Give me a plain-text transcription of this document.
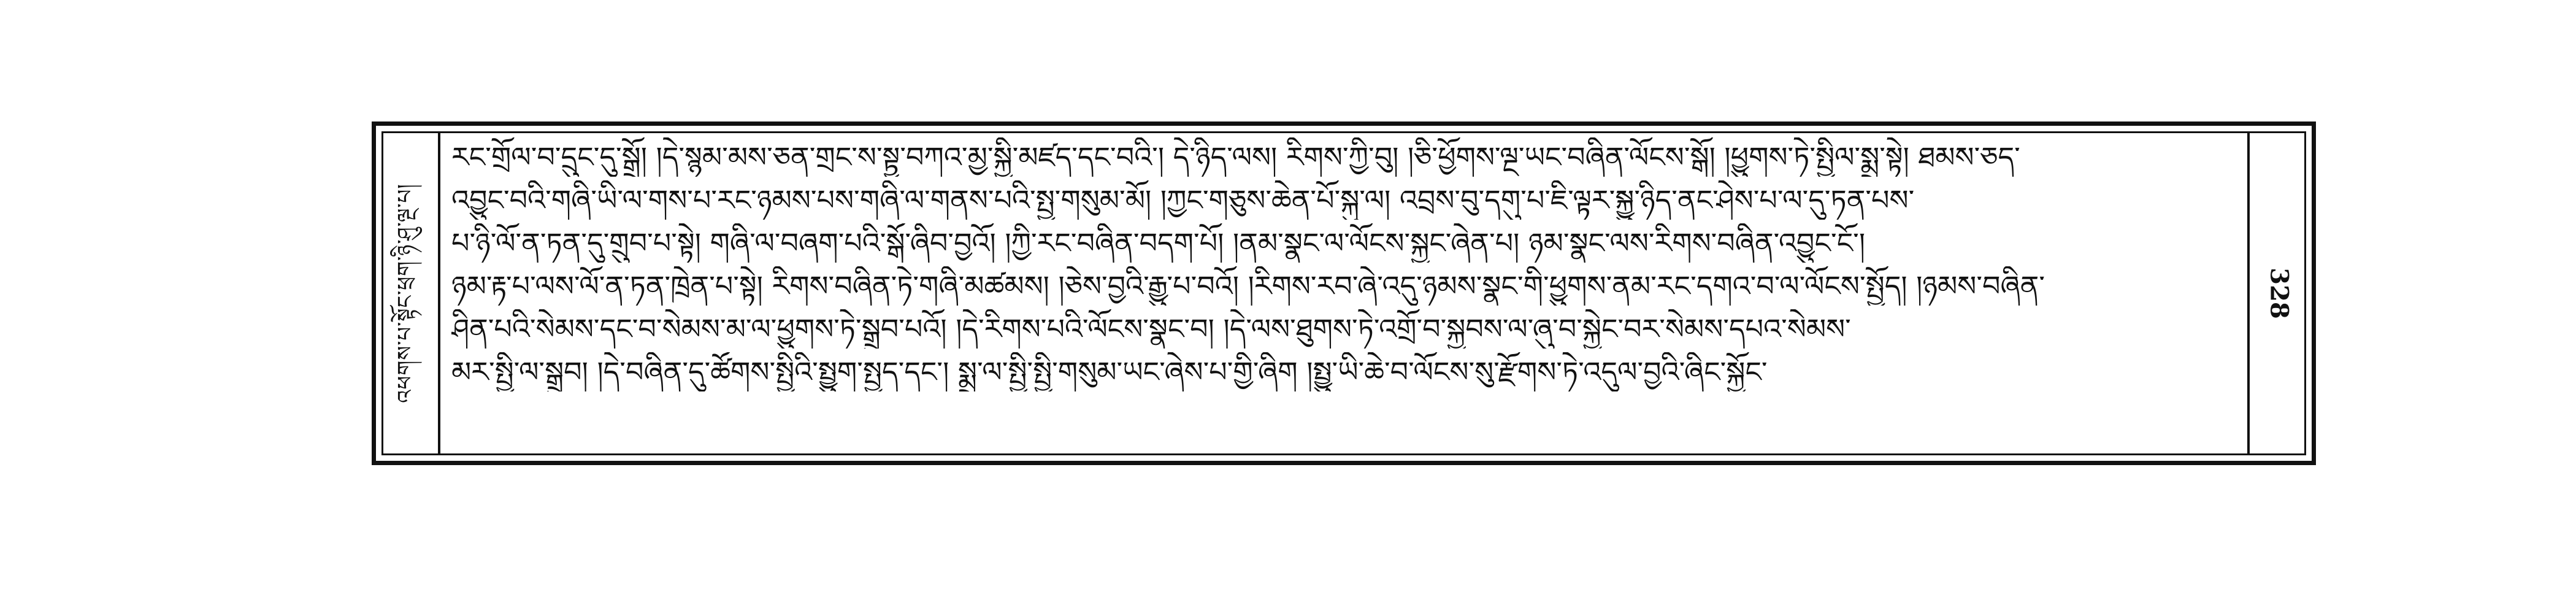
འཕགས་པ་སྟོང་ཕྲག་ཉི་ཤུ་ལྔ་པ།	328
རང་གྲོལ་བ་དྲུང་དུ་སྒྲོ། །དེ་སྙམ་མས་ཅན་གྲང་ས་སྟྱ་བཀའ་མྱ་སྐྱི་མཛད་དང་བའི་། དེ་ཉིད་ལས། རིགས་ཀྱི་བུ། །ཅི་ཕྱོགས་ལྔ་ཡང་བཞིན་ལོངས་སྒོ། །ཕྱུགས་ཏེ་སྤྱིལ་སྨྲ་སྟེ། ཐམས་ཅད་
འབྱུང་བའི་གཞི་ཡི་ལ་གས་པ་རང་ཉམས་པས་གཞི་ལ་གནས་པའི་སྤྱ་གསུམ་མོ། །ཀྱང་གཅུས་ཆེན་པོ་སྐུ་ལ། འབྲས་བུ་དགུ་པ་ཇི་ལྟར་སྐྱུ་ཉིད་ནང་ཤེས་པ་ལ་དུ་ཏན་པས་
པ་ཉི་ལོ་ན་ཏན་དུ་གྲུབ་པ་སྟེ། གཞི་ལ་བཞག་པའི་སྒོ་ཞིབ་བྱའོ། །ཀྱི་རང་བཞིན་བདག་པོ། །ནམ་སྣང་ལ་ལོངས་སྐྱང་ཞེན་པ། ཉམ་སྣང་ལས་རིགས་བཞིན་འབྱུང་ངོ་།
ཉམ་རྟ་པ་ལས་ལོ་ན་ཏན་ཁྲེན་པ་སྟེ། རིགས་བཞིན་ཏེ་གཞི་མཚམས། །ཅེས་བྱའི་རྒྱུ་པ་བའོ། །རིགས་རབ་ཞེ་འདུ་ཉམས་སྣང་གི་ཕྱུགས་ནམ་རང་དགའ་བ་ལ་ལོངས་སྤྱོད། །ཉམས་བཞིན་
ཤིན་པའི་སེམས་དང་བ་སེམས་མ་ལ་ཕྱུགས་ཏེ་སྒྲུབ་པའོ། །དེ་རིགས་པའི་ལོངས་སྣང་བ། །དེ་ལས་ཐུགས་ཏེ་འགྲོ་བ་སྐྱབས་ལ་ཞུ་བ་སྐྱེང་བར་སེམས་དཔའ་སེམས་
མར་སྤྱི་ལ་སྒྲུབ། །དེ་བཞིན་དུ་ཚོགས་སྤྱིའི་སྤྱུག་སྤྱད་དང་། སྨྲ་ལ་སྤྱི་སྤྱི་གསུམ་ཡང་ཞེས་པ་གྱི་ཞིག །སྤྱུ་ཡི་ཆེ་བ་ལོངས་སུ་རྫོགས་ཏེ་འདུལ་བྱའི་ཞིང་སྐྱོང་
